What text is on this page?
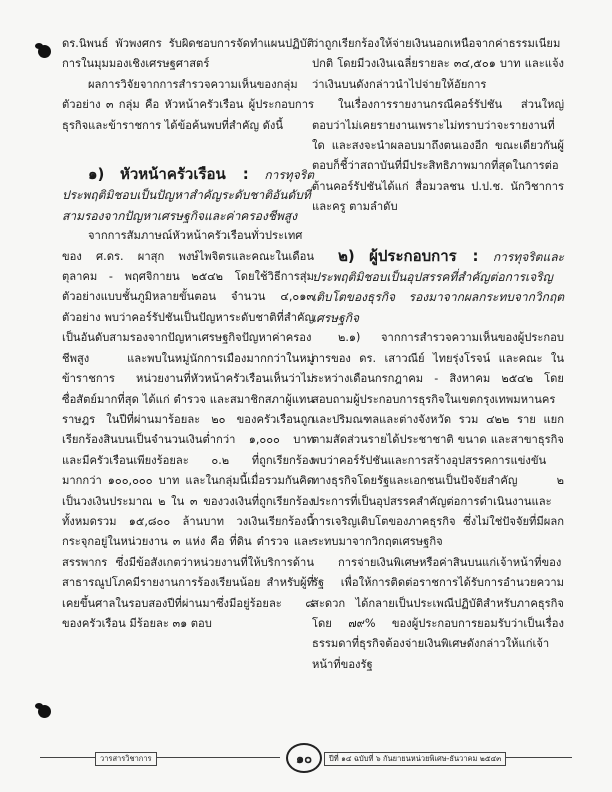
ดร.นิพนธ์ พัวพงศกร รับผิดชอบการจัดทำแผนปฏิบัติการในมุมมองเชิงเศรษฐศาสตร์

ผลการวิจัยจากการสำรวจความเห็นของกลุ่มตัวอย่าง ๓ กลุ่ม คือ หัวหน้าครัวเรือน ผู้ประกอบการธุรกิจและข้าราชการ ได้ข้อค้นพบที่สำคัญ ดังนี้

๑) หัวหน้าครัวเรือน : การทุจริตประพฤติมิชอบเป็นปัญหาสำคัญระดับชาติอันดับที่สามรองจากปัญหาเศรษฐกิจและค่าครองชีพสูง

จากการสัมภาษณ์หัวหน้าครัวเรือนทั่วประเทศของ ศ.ดร. ผาสุก พงษ์ไพจิตรและคณะในเดือนตุลาคม - พฤศจิกายน ๒๕๔๒ โดยใช้วิธีการสุ่มตัวอย่างแบบชั้นภูมิหลายขั้นตอน จำนวน ๔,๐๑๓ ตัวอย่าง พบว่าคอร์รัปชันเป็นปัญหาระดับชาติที่สำคัญเป็นอันดับสามรองจากปัญหาเศรษฐกิจปัญหาค่าครองชีพสูง และพบในหมู่นักการเมืองมากกว่าในหมู่ข้าราชการ หน่วยงานที่หัวหน้าครัวเรือนเห็นว่าไม่ซื่อสัตย์มากที่สุด ได้แก่ ตำรวจ และสมาชิกสภาผู้แทนราษฎร ในปีที่ผ่านมาร้อยละ ๒๐ ของครัวเรือนถูกเรียกร้องสินบนเป็นจำนวนเงินต่ำกว่า ๑,๐๐๐ บาท และมีครัวเรือนเพียงร้อยละ ๐.๒ ที่ถูกเรียกร้องมากกว่า ๑๐๐,๐๐๐ บาท และในกลุ่มนี้เมื่อรวมกันคิดเป็นวงเงินประมาณ ๒ ใน ๓ ของวงเงินที่ถูกเรียกร้องทั้งหมดรวม ๑๕,๘๐๐ ล้านบาท วงเงินเรียกร้องนี้กระจุกอยู่ในหน่วยงาน ๓ แห่ง คือ ที่ดิน ตำรวจ และสรรพากร ซึ่งมีข้อสังเกตว่าหน่วยงานที่ให้บริการด้านสาธารณูปโภคมีรายงานการร้องเรียนน้อย สำหรับผู้ที่เคยขึ้นศาลในรอบสองปีที่ผ่านมาซึ่งมีอยู่ร้อยละ ๘ ของครัวเรือน มีร้อยละ ๓๑ ตอบ

ว่าถูกเรียกร้องให้จ่ายเงินนอกเหนือจากค่าธรรมเนียมปกติ โดยมีวงเงินเฉลี่ยรายละ ๓๔,๕๐๑ บาท และแจ้งว่าเงินบนดังกล่าวนำไปจ่ายให้อัยการ

ในเรื่องการรายงานกรณีคอร์รัปชัน ส่วนใหญ่ตอบว่าไม่เคยรายงานเพราะไม่ทราบว่าจะรายงานที่ใด และสงจะนำผลอบมาถึงตนเองอีก ขณะเดียวกันผู้ตอบก็ชี้ว่าสถาบันที่มีประสิทธิภาพมากที่สุดในการต่อต้านคอร์รัปชันได้แก่ สื่อมวลชน ป.ป.ช. นักวิชาการ และครู ตามลำดับ

๒) ผู้ประกอบการ : การทุจริตและประพฤติมิชอบเป็นอุปสรรคที่สำคัญต่อการเจริญเติบโตของธุรกิจ รองมาจากผลกระทบจากวิกฤตเศรษฐกิจ

๒.๑) จากการสำรวจความเห็นของผู้ประกอบการของ ดร. เสาวณีย์ ไทยรุ่งโรจน์ และคณะ ในระหว่างเดือนกรกฎาคม - สิงหาคม ๒๕๔๒ โดยสอบถามผู้ประกอบการธุรกิจในเขตกรุงเทพมหานครและปริมณฑลและต่างจังหวัด รวม ๔๒๒ ราย แยกตามสัดส่วนรายได้ประชาชาติ ขนาด และสาขาธุรกิจ พบว่าคอร์รัปชันและการสร้างอุปสรรคการแข่งขันทางธุรกิจโดยรัฐและเอกชนเป็นปัจจัยสำคัญ ๒ ประการที่เป็นอุปสรรคสำคัญต่อการดำเนินงานและการเจริญเติบโตของภาคธุรกิจ ซึ่งไม่ใช่ปัจจัยที่มีผลกระทบมาจากวิกฤตเศรษฐกิจ

การจ่ายเงินพิเศษหรือค่าสินบนแก่เจ้าหน้าที่ของรัฐ เพื่อให้การติดต่อราชการได้รับการอำนวยความสะดวก ได้กลายเป็นประเพณีปฏิบัติสำหรับภาคธุรกิจ โดย ๗๙% ของผู้ประกอบการยอมรับว่าเป็นเรื่องธรรมดาที่ธุรกิจต้องจ่ายเงินพิเศษดังกล่าวให้แก่เจ้าหน้าที่ของรัฐ

วารสารวิชาการ	๑๐	ปีที่ ๑๔ ฉบับที่ ๖ กันยายนหน่วยพิเศษ-ธันวาคม ๒๕๔๓
